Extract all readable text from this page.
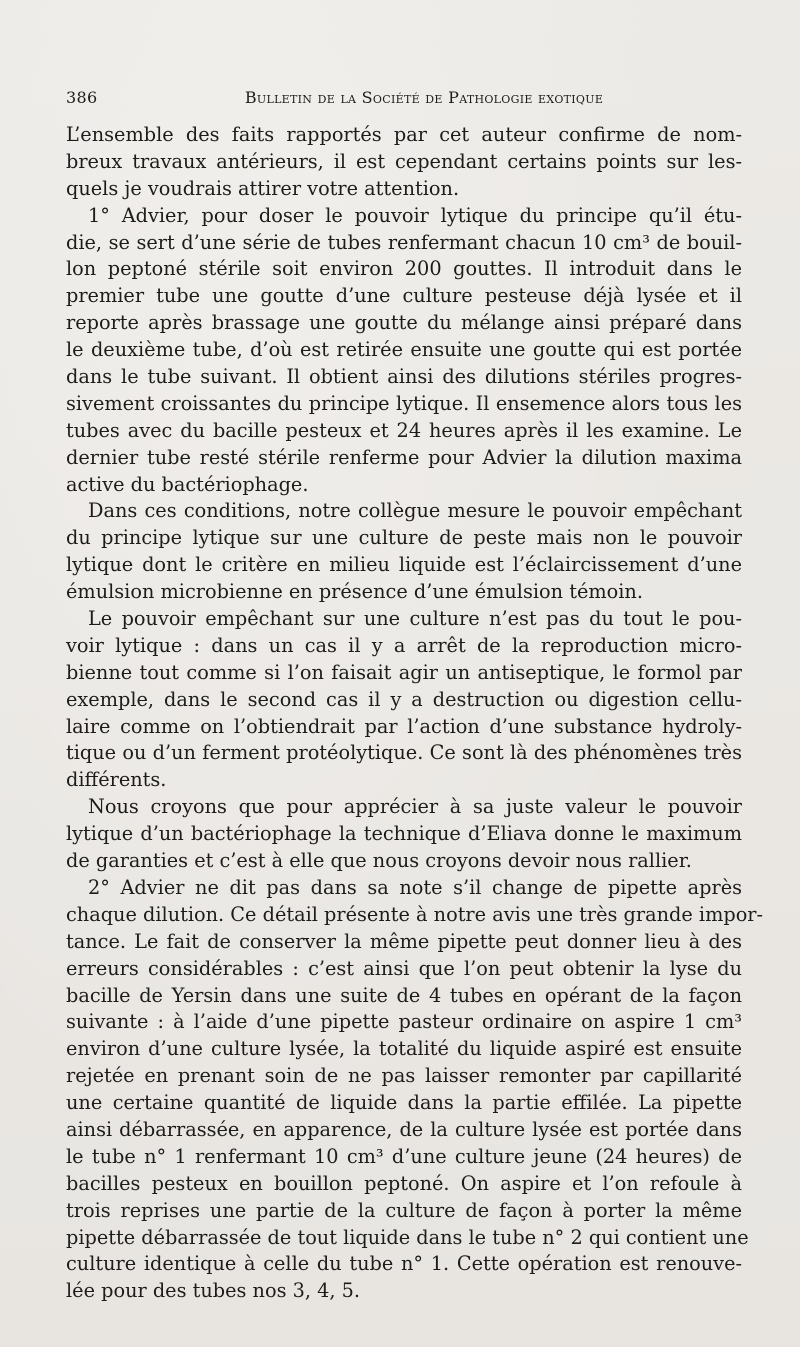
386	Bulletin de la Société de Pathologie exotique
L’ensemble des faits rapportés par cet auteur confirme de nom-
breux travaux antérieurs, il est cependant certains points sur les-
quels je voudrais attirer votre attention.
1° Advier, pour doser le pouvoir lytique du principe qu’il étu-
die, se sert d’une série de tubes renfermant chacun 10 cm³ de bouil-
lon peptoné stérile soit environ 200 gouttes. Il introduit dans le
premier tube une goutte d’une culture pesteuse déjà lysée et il
reporte après brassage une goutte du mélange ainsi préparé dans
le deuxième tube, d’où est retirée ensuite une goutte qui est portée
dans le tube suivant. Il obtient ainsi des dilutions stériles progres-
sivement croissantes du principe lytique. Il ensemence alors tous les
tubes avec du bacille pesteux et 24 heures après il les examine. Le
dernier tube resté stérile renferme pour Advier la dilution maxima
active du bactériophage.
Dans ces conditions, notre collègue mesure le pouvoir empêchant
du principe lytique sur une culture de peste mais non le pouvoir
lytique dont le critère en milieu liquide est l’éclaircissement d’une
émulsion microbienne en présence d’une émulsion témoin.
Le pouvoir empêchant sur une culture n’est pas du tout le pou-
voir lytique : dans un cas il y a arrêt de la reproduction micro-
bienne tout comme si l’on faisait agir un antiseptique, le formol par
exemple, dans le second cas il y a destruction ou digestion cellu-
laire comme on l’obtiendrait par l’action d’une substance hydroly-
tique ou d’un ferment protéolytique. Ce sont là des phénomènes très
différents.
Nous croyons que pour apprécier à sa juste valeur le pouvoir
lytique d’un bactériophage la technique d’Eliava donne le maximum
de garanties et c’est à elle que nous croyons devoir nous rallier.
2° Advier ne dit pas dans sa note s’il change de pipette après
chaque dilution. Ce détail présente à notre avis une très grande impor-
tance. Le fait de conserver la même pipette peut donner lieu à des
erreurs considérables : c’est ainsi que l’on peut obtenir la lyse du
bacille de Yersin dans une suite de 4 tubes en opérant de la façon
suivante : à l’aide d’une pipette pasteur ordinaire on aspire 1 cm³
environ d’une culture lysée, la totalité du liquide aspiré est ensuite
rejetée en prenant soin de ne pas laisser remonter par capillarité
une certaine quantité de liquide dans la partie effilée. La pipette
ainsi débarrassée, en apparence, de la culture lysée est portée dans
le tube n° 1 renfermant 10 cm³ d’une culture jeune (24 heures) de
bacilles pesteux en bouillon peptoné. On aspire et l’on refoule à
trois reprises une partie de la culture de façon à porter la même
pipette débarrassée de tout liquide dans le tube n° 2 qui contient une
culture identique à celle du tube n° 1. Cette opération est renouve-
lée pour des tubes nos 3, 4, 5.
